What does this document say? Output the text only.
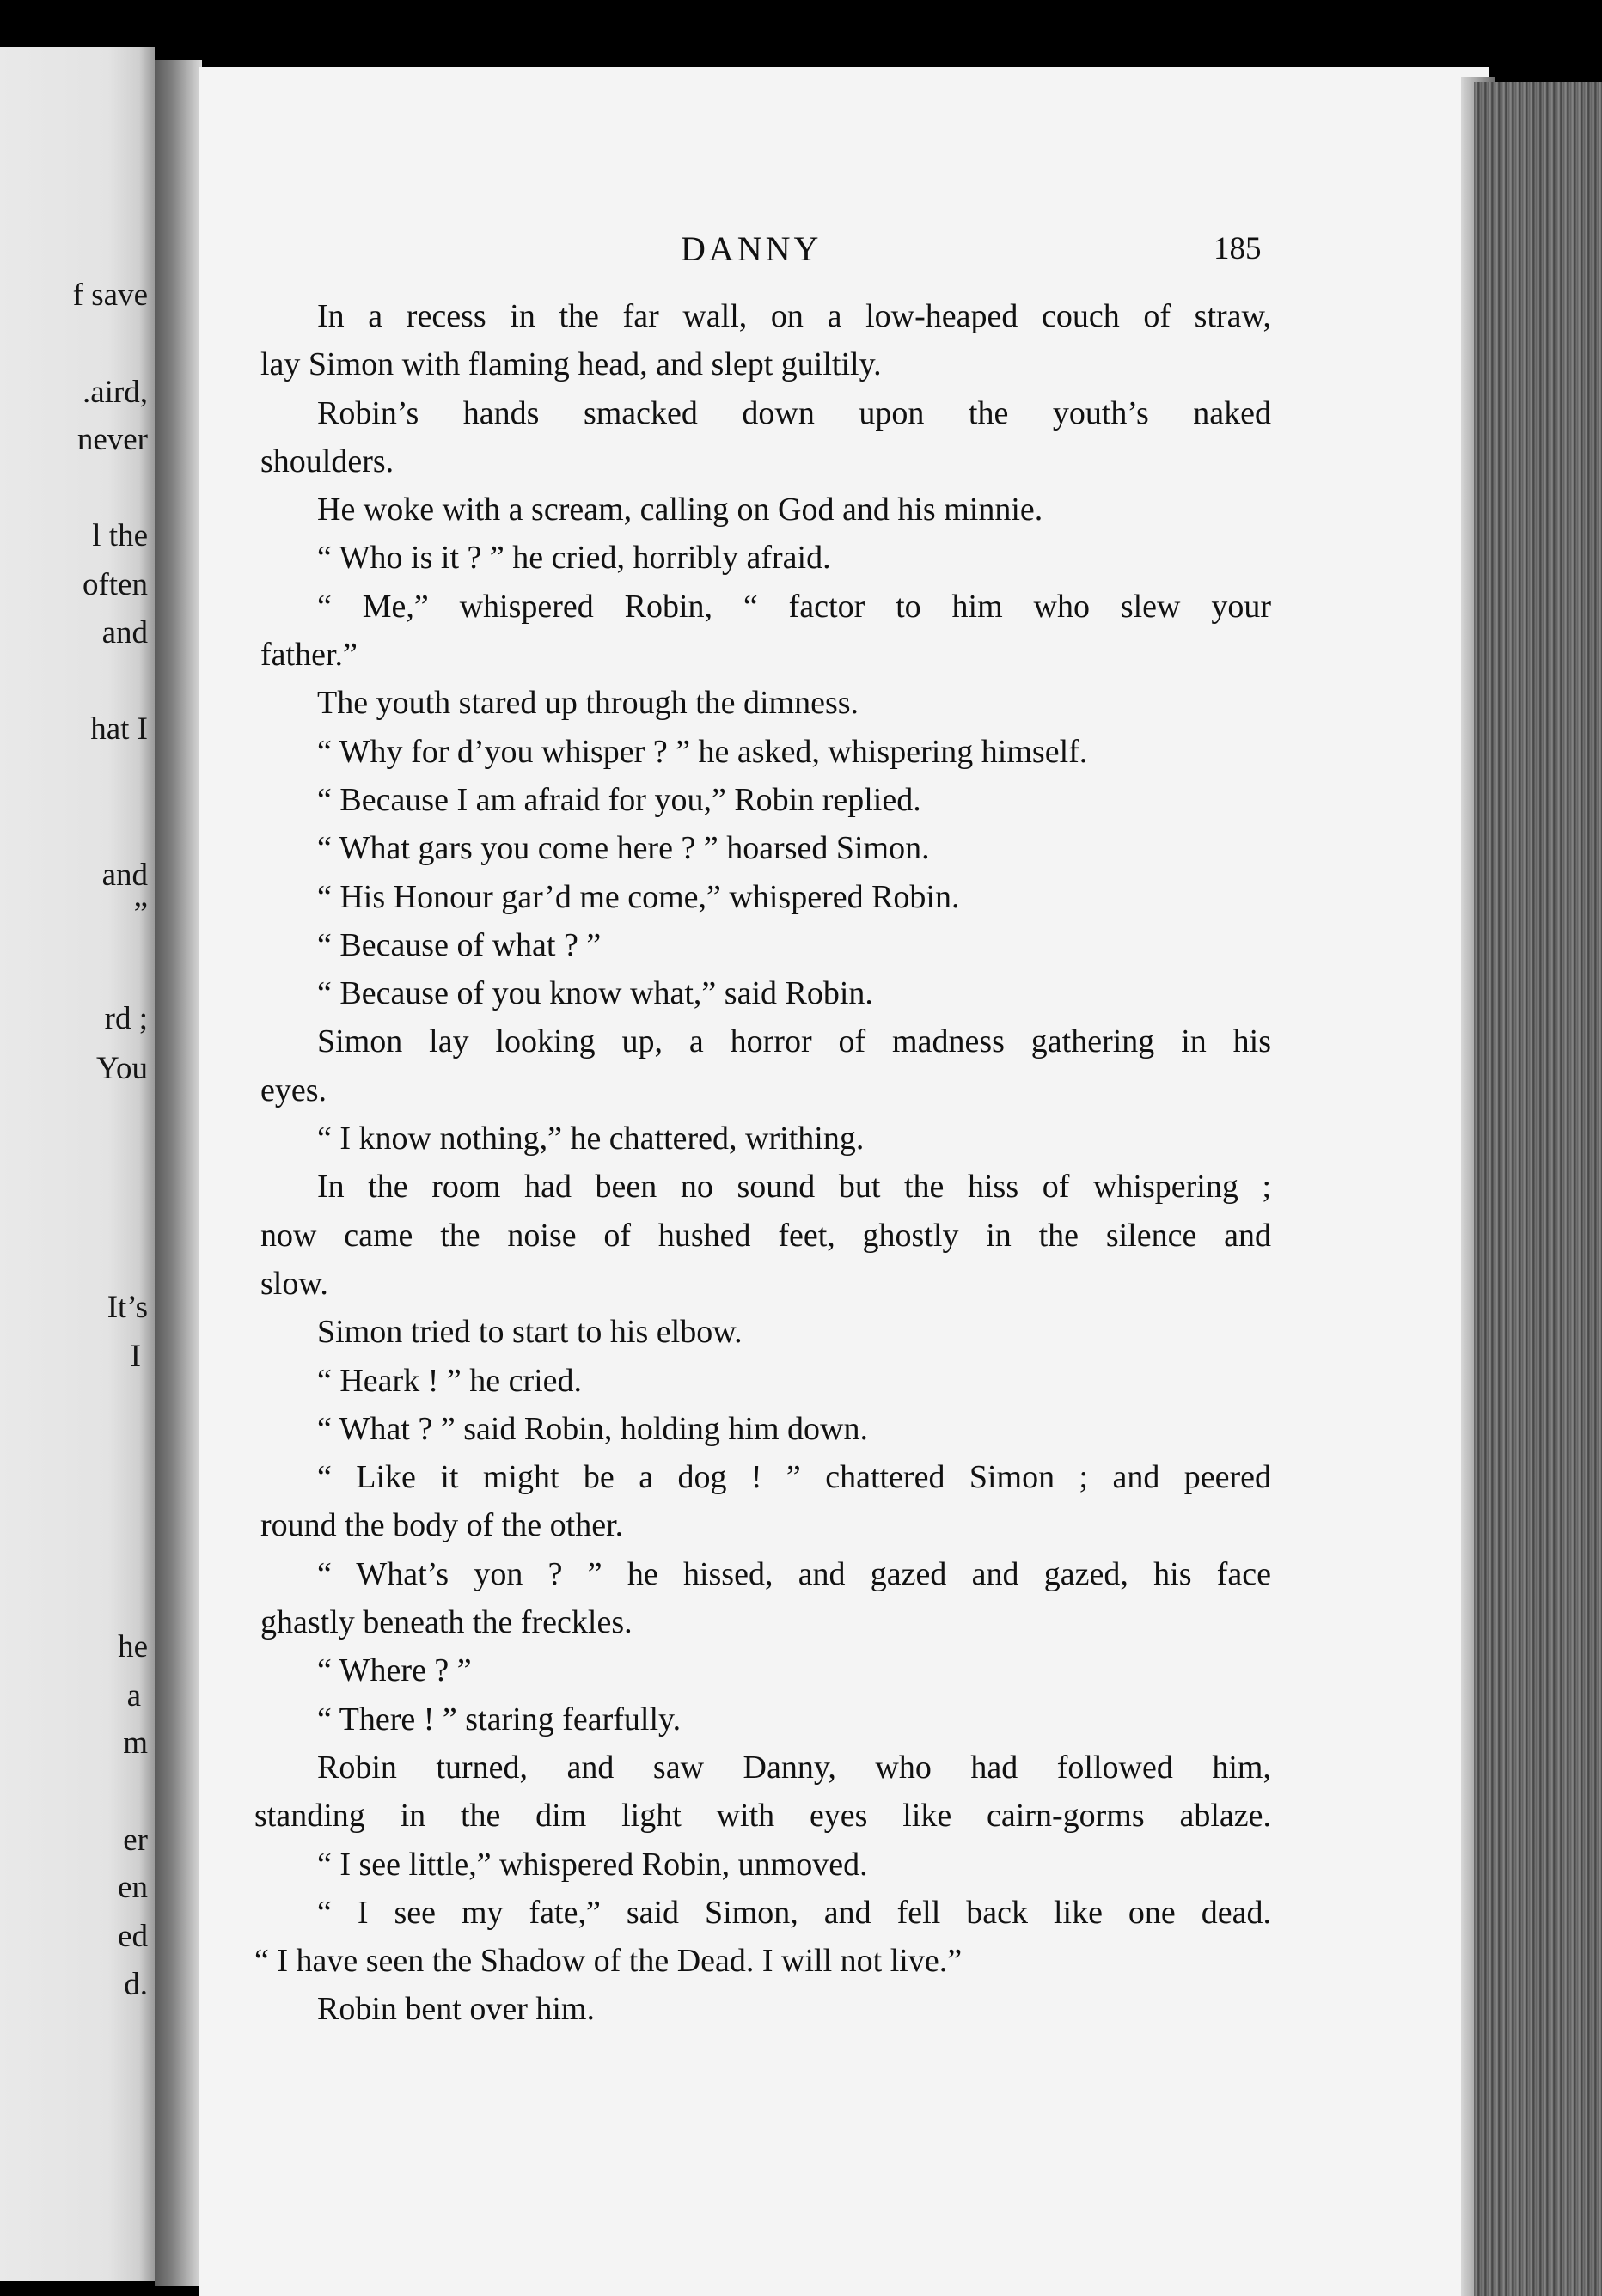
f save
.aird,
never
l the
often
and
hat I
and
”
rd ;
You
It’s
I
he
a
m
er
en
ed
d.
DANNY	185
In a recess in the far wall, on a low-heaped couch of straw,
lay Simon with flaming head, and slept guiltily.
Robin’s hands smacked down upon the youth’s naked
shoulders.
He woke with a scream, calling on God and his minnie.
“ Who is it ? ” he cried, horribly afraid.
“ Me,” whispered Robin, “ factor to him who slew your
father.”
The youth stared up through the dimness.
“ Why for d’you whisper ? ” he asked, whispering himself.
“ Because I am afraid for you,” Robin replied.
“ What gars you come here ? ” hoarsed Simon.
“ His Honour gar’d me come,” whispered Robin.
“ Because of what ? ”
“ Because of you know what,” said Robin.
Simon lay looking up, a horror of madness gathering in his
eyes.
“ I know nothing,” he chattered, writhing.
In the room had been no sound but the hiss of whispering ;
now came the noise of hushed feet, ghostly in the silence and
slow.
Simon tried to start to his elbow.
“ Heark ! ” he cried.
“ What ? ” said Robin, holding him down.
“ Like it might be a dog ! ” chattered Simon ; and peered
round the body of the other.
“ What’s yon ? ” he hissed, and gazed and gazed, his face
ghastly beneath the freckles.
“ Where ? ”
“ There ! ” staring fearfully.
Robin turned, and saw Danny, who had followed him,
standing in the dim light with eyes like cairn-gorms ablaze.
“ I see little,” whispered Robin, unmoved.
“ I see my fate,” said Simon, and fell back like one dead.
“ I have seen the Shadow of the Dead. I will not live.”
Robin bent over him.
